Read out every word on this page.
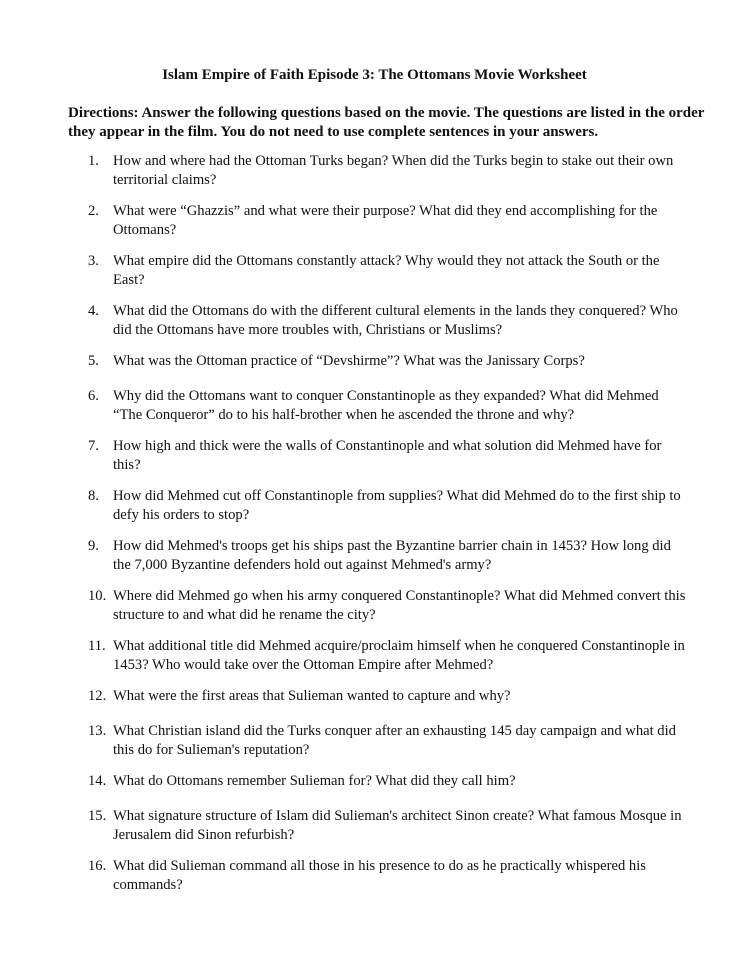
Islam Empire of Faith Episode 3: The Ottomans Movie Worksheet
Directions: Answer the following questions based on the movie. The questions are listed in the order they appear in the film. You do not need to use complete sentences in your answers.
1. How and where had the Ottoman Turks began? When did the Turks begin to stake out their own territorial claims?
2. What were “Ghazzis” and what were their purpose? What did they end accomplishing for the Ottomans?
3. What empire did the Ottomans constantly attack? Why would they not attack the South or the East?
4. What did the Ottomans do with the different cultural elements in the lands they conquered? Who did the Ottomans have more troubles with, Christians or Muslims?
5. What was the Ottoman practice of “Devshirme”? What was the Janissary Corps?
6. Why did the Ottomans want to conquer Constantinople as they expanded? What did Mehmed “The Conqueror” do to his half-brother when he ascended the throne and why?
7. How high and thick were the walls of Constantinople and what solution did Mehmed have for this?
8. How did Mehmed cut off Constantinople from supplies? What did Mehmed do to the first ship to defy his orders to stop?
9. How did Mehmed's troops get his ships past the Byzantine barrier chain in 1453? How long did the 7,000 Byzantine defenders hold out against Mehmed's army?
10. Where did Mehmed go when his army conquered Constantinople? What did Mehmed convert this structure to and what did he rename the city?
11. What additional title did Mehmed acquire/proclaim himself when he conquered Constantinople in 1453? Who would take over the Ottoman Empire after Mehmed?
12. What were the first areas that Sulieman wanted to capture and why?
13. What Christian island did the Turks conquer after an exhausting 145 day campaign and what did this do for Sulieman's reputation?
14. What do Ottomans remember Sulieman for? What did they call him?
15. What signature structure of Islam did Sulieman's architect Sinon create? What famous Mosque in Jerusalem did Sinon refurbish?
16. What did Sulieman command all those in his presence to do as he practically whispered his commands?
